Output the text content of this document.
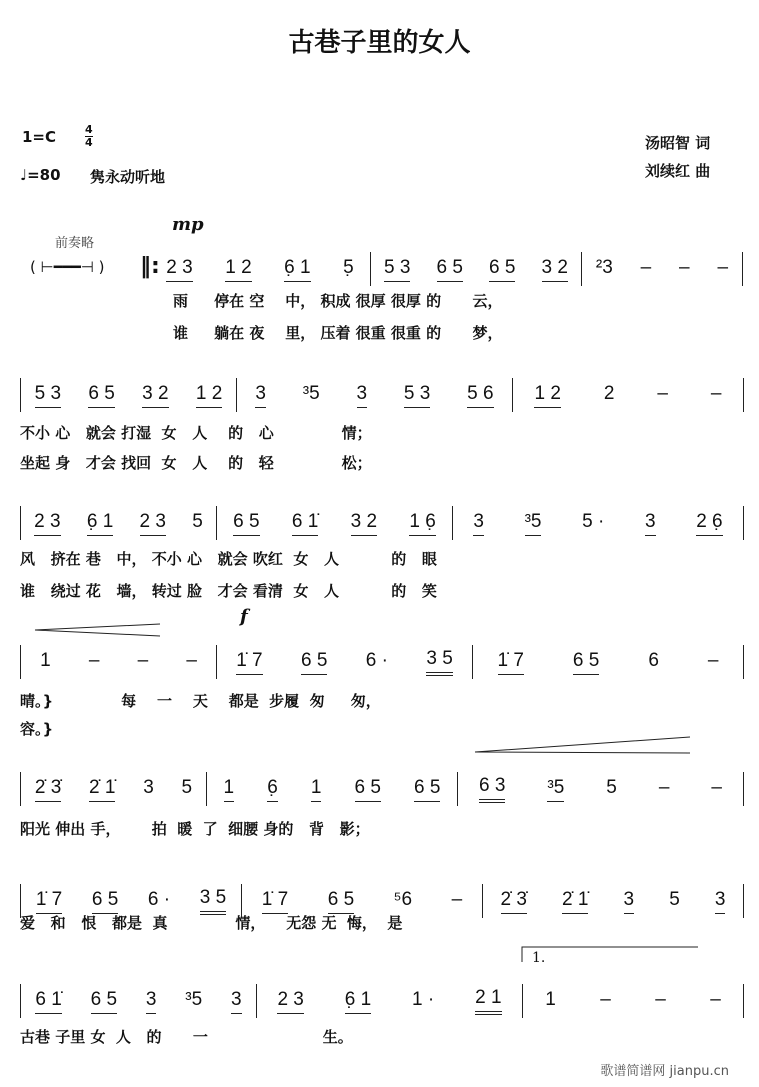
古巷子里的女人
1=C	$\frac{4}{4}$
♩=80 隽永动听地
汤昭智 词
刘续红 曲
前奏略
( ⊢━━━⊣ ) ‖:
mp
f
1.
2 3 1 2 6̣ 1 5̣ 5 3 6 5 6 5 3 2 ²3 – – –
雨     停在 空    中， 积成 很厚 很厚 的      云，
谁     躺在 夜    里， 压着 很重 很重 的      梦，
5 3 6 5 3 2 1 2 3 ³5 3 5 3 5 6 1 2 2 – –
不小 心   就会 打湿  女   人    的   心             情；
坐起 身   才会 找回  女   人    的   轻             松；
2 3 6̣ 1 2 3 5 6 5 6 1̇ 3 2 1 6̣ 3 ³5 5 · 3 2 6̣
风   挤在 巷   中， 不小 心   就会 吹红  女   人          的   眼
谁   绕过 花   墙， 转过 脸   才会 看清  女   人          的   笑
1 – – – 1̇ 7 6 5 6 · 3 5 1̇ 7	6 5	6	–
晴。}             每    一    天    都是  步履  匆     匆，
容。}
2̇ 3̇ 2̇ 1̇ 3 5 1 6̣ 1 6 5 6 5 6 3 ³5 5 – –
阳光 伸出 手，      拍  暖  了  细腰 身的   背   影；
1̇ 7 6 5 6 · 3 5 1̇ 7 6 5 ⁵6 – 2̇ 3̇ 2̇ 1̇ 3 5 3
爱   和   恨   都是  真             情，    无怨 无  悔，  是
6 1̇ 6 5 3 ³5 3 2 3 6̣ 1 1 · 2 1 1 – – –
古巷 子里 女  人   的      一                      生。
歌谱简谱网 jianpu.cn
